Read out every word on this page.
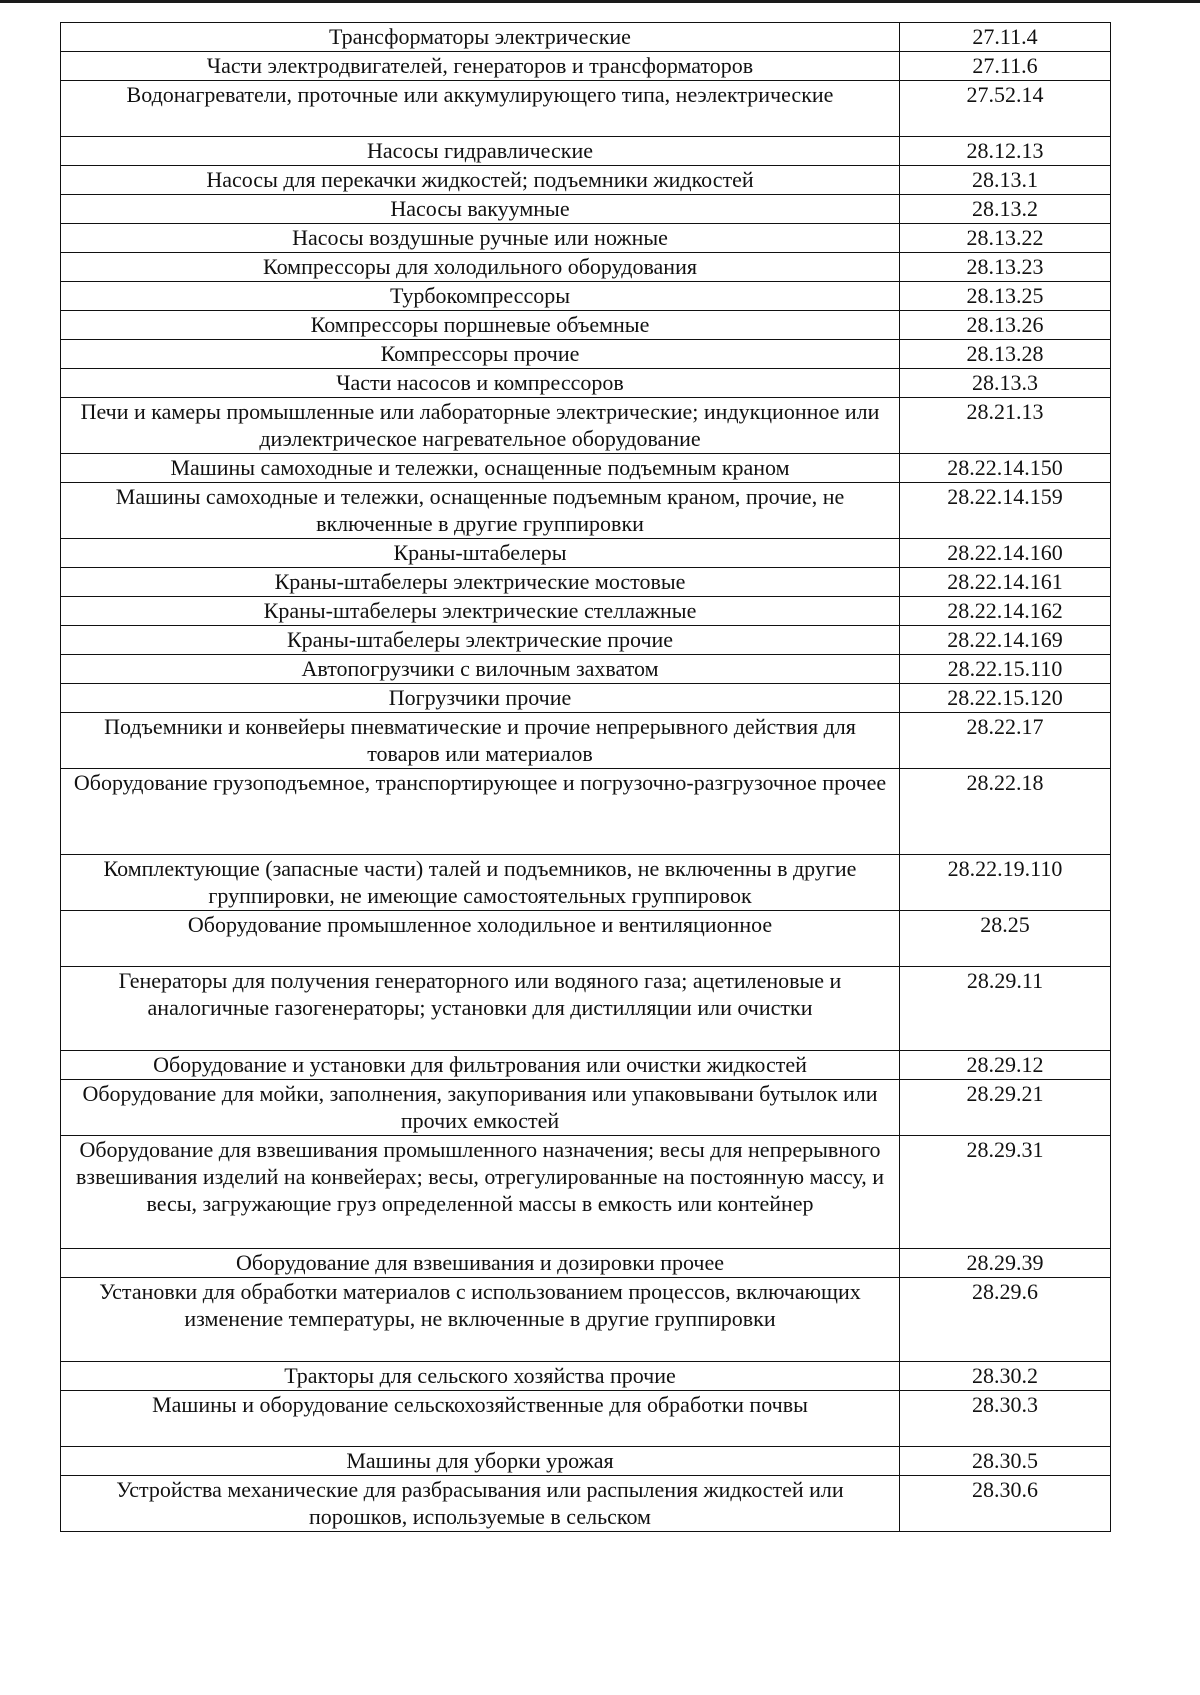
Трансформаторы электрические	27.11.4
Части электродвигателей, генераторов и трансформаторов	27.11.6
Водонагреватели, проточные или аккумулирующего типа, неэлектрические	27.52.14
Насосы гидравлические	28.12.13
Насосы для перекачки жидкостей; подъемники жидкостей	28.13.1
Насосы вакуумные	28.13.2
Насосы воздушные ручные или ножные	28.13.22
Компрессоры для холодильного оборудования	28.13.23
Турбокомпрессоры	28.13.25
Компрессоры поршневые объемные	28.13.26
Компрессоры прочие	28.13.28
Части насосов и компрессоров	28.13.3
Печи и камеры промышленные или лабораторные электрические; индукционное или диэлектрическое нагревательное оборудование	28.21.13
Машины самоходные и тележки, оснащенные подъемным краном	28.22.14.150
Машины самоходные и тележки, оснащенные подъемным краном, прочие, не включенные в другие группировки	28.22.14.159
Краны-штабелеры	28.22.14.160
Краны-штабелеры электрические мостовые	28.22.14.161
Краны-штабелеры электрические стеллажные	28.22.14.162
Краны-штабелеры электрические прочие	28.22.14.169
Автопогрузчики с вилочным захватом	28.22.15.110
Погрузчики прочие	28.22.15.120
Подъемники и конвейеры пневматические и прочие непрерывного действия для товаров или материалов	28.22.17
Оборудование грузоподъемное, транспортирующее и погрузочно-разгрузочное прочее	28.22.18
Комплектующие (запасные части) талей и подъемников, не включенны в другие группировки, не имеющие самостоятельных группировок	28.22.19.110
Оборудование промышленное холодильное и вентиляционное	28.25
Генераторы для получения генераторного или водяного газа; ацетиленовые и аналогичные газогенераторы; установки для дистилляции или очистки	28.29.11
Оборудование и установки для фильтрования или очистки жидкостей	28.29.12
Оборудование для мойки, заполнения, закупоривания или упаковывани бутылок или прочих емкостей	28.29.21
Оборудование для взвешивания промышленного назначения; весы для непрерывного взвешивания изделий на конвейерах; весы, отрегулированные на постоянную массу, и весы, загружающие груз определенной массы в емкость или контейнер	28.29.31
Оборудование для взвешивания и дозировки прочее	28.29.39
Установки для обработки материалов с использованием процессов, включающих изменение температуры, не включенные в другие группировки	28.29.6
Тракторы для сельского хозяйства прочие	28.30.2
Машины и оборудование сельскохозяйственные для обработки почвы	28.30.3
Машины для уборки урожая	28.30.5
Устройства механические для разбрасывания или распыления жидкостей или порошков, используемые в сельском	28.30.6
